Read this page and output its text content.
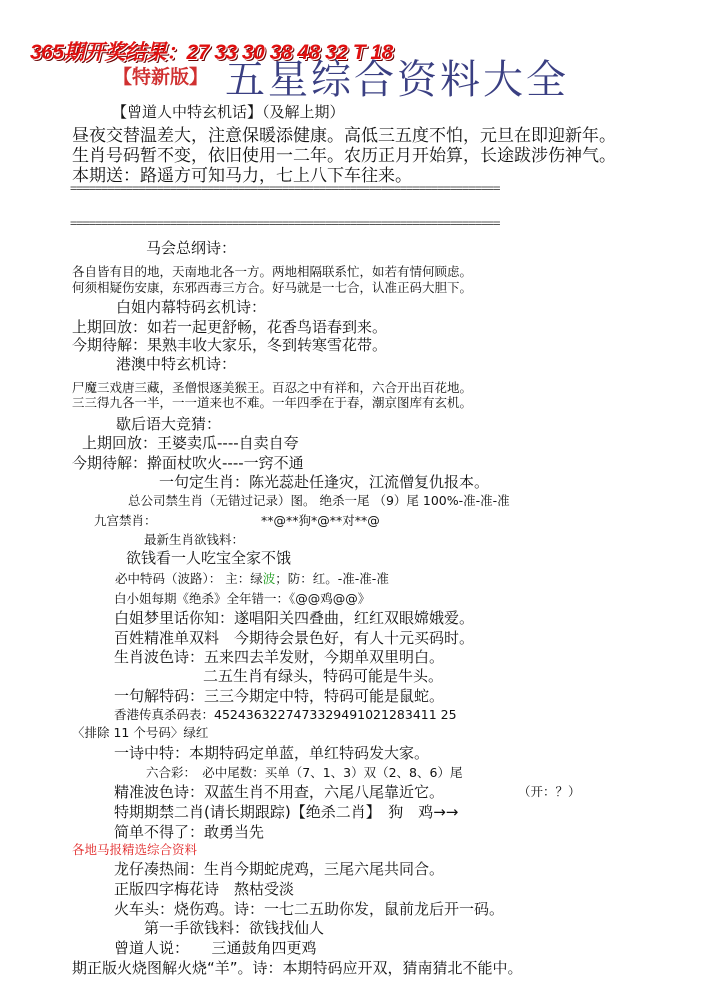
365期开奖结果：27 33 30 38 48 32 T 18
【特新版】 五星综合资料大全
【曾道人中特玄机话】（及解上期）
昼夜交替温差大，注意保暖添健康。高低三五度不怕，元旦在即迎新年。
生肖号码暂不变，依旧使用一二年。农历正月开始算，长途跋涉伤神气。
本期送：路遥方可知马力，七上八下车往来。
=====================================================================
=====================================================================
马会总纲诗：
各自皆有目的地，天南地北各一方。两地相隔联系忙，如若有情何顾虑。
何须相疑伤安康，东邪西毒三方合。好马就是一七合，认准正码大胆下。
白姐内幕特码玄机诗：
上期回放：如若一起更舒畅，花香鸟语春到来。
今期待解：果熟丰收大家乐，冬到转寒雪花带。
港澳中特玄机诗：
尸魔三戏唐三藏，圣僧恨逐美猴王。百忍之中有祥和，六合开出百花地。
三三得九各一半，一一道来也不难。一年四季在于春，潮京图库有玄机。
歇后语大竞猜：
上期回放：王婆卖瓜----自卖自夸
今期待解：擀面杖吹火----一窍不通
一句定生肖：陈光蕊赴任逢灾，江流僧复仇报本。
总公司禁生肖（无错过记录）图。 绝杀一尾 （9）尾 100%-准-准-准
九宫禁肖：	**@**狗*@**对**@
最新生肖欲钱料：
欲钱看一人吃宝全家不饿
必中特码（波路）： 主：绿波；防：红。-准-准-准
白小姐每期《绝杀》全年错一：《@@鸡@@》
白姐梦里话你知：遂唱阳关四叠曲，红红双眼嫦娥爱。
百姓精准单双料　今期待会景色好，有人十元买码时。
生肖波色诗：五来四去羊发财，今期单双里明白。
二五生肖有绿头，特码可能是牛头。
一句解特码：三三今期定中特，特码可能是鼠蛇。
香港传真杀码表：4524363227473329491021283411 25
〈排除 11 个号码〉绿红
一诗中特：本期特码定单蓝，单红特码发大家。
六合彩：　必中尾数：买单（7、1、3）双（2、8、6）尾
精准波色诗：双蓝生肖不用查，六尾八尾靠近它。	（开：？）
特期期禁二肖(请长期跟踪)【绝杀二肖】　狗　鸡→→
简单不得了：敢勇当先
各地马报精选综合资料
龙仔凑热闹：生肖今期蛇虎鸡，三尾六尾共同合。
正版四字梅花诗　熬枯受淡
火车头：烧伤鸡。诗：一七二五助你发，鼠前龙后开一码。
第一手欲钱料：欲钱找仙人
曾道人说：　　三通鼓角四更鸡
期正版火烧图解火烧“羊”。诗：本期特码应开双，猜南猜北不能中。
